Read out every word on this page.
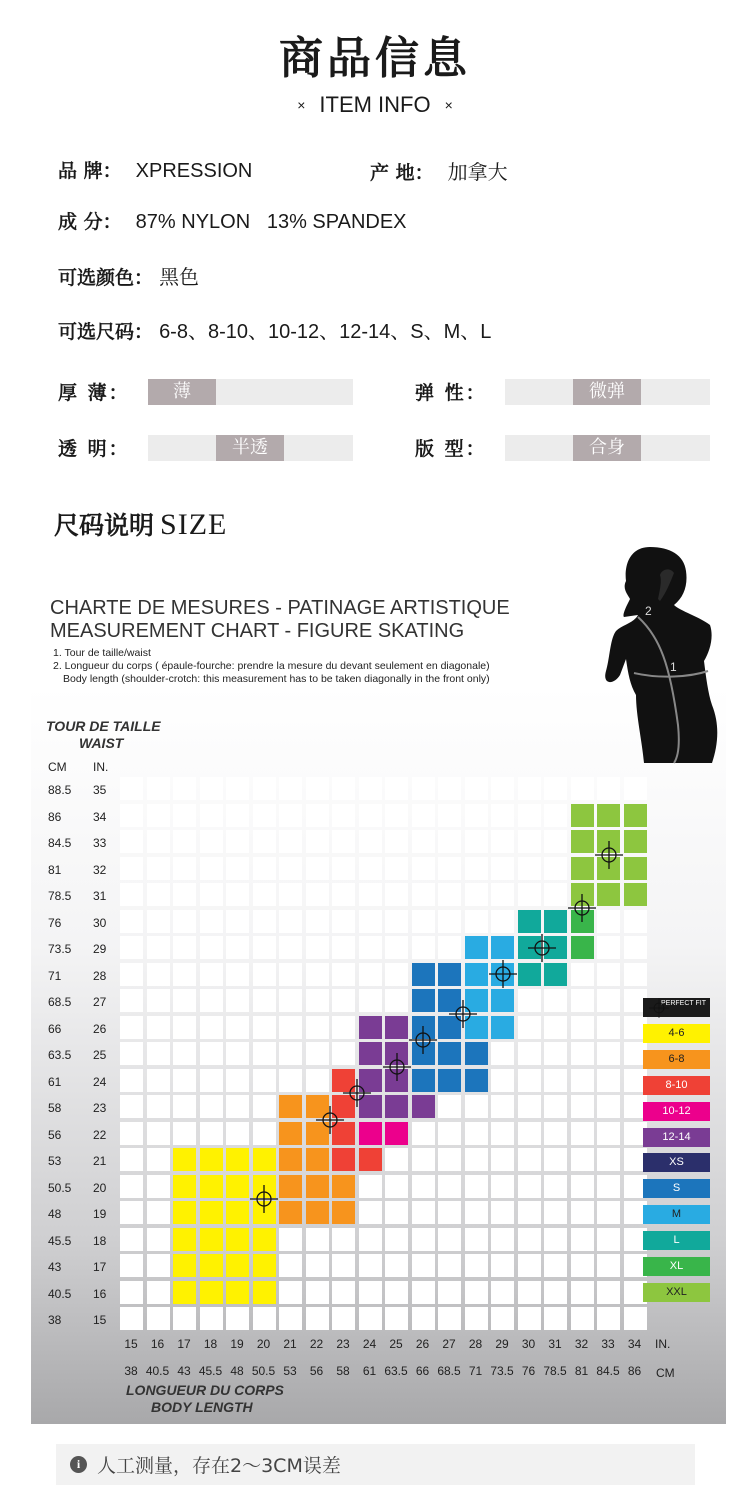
商品信息
× ITEM INFO ×
品 牌： XPRESSION	产 地： 加拿大
成 分： 87% NYLON   13% SPANDEX
可选颜色： 黑色
可选尺码： 6-8、8-10、10-12、12-14、S、M、L
厚 薄：	薄	弹 性：	微弹
透 明：	半透	版 型：	合身
尺码说明 SIZE
2
1
CHARTE DE MESURES - PATINAGE ARTISTIQUE
MEASUREMENT CHART - FIGURE SKATING
1. Tour de taille/waist
2. Longueur du corps ( épaule-fourche: prendre la mesure du devant seulement en diagonale)
Body length (shoulder-crotch: this measurement has to be taken diagonally in the front only)
TOUR DE TAILLE
WAIST
CM IN.
LONGUEUR DU CORPS
BODY LENGTH
IN.
CM
88.5 35
86	34
84.5 33
81	32
78.5 31
76	30
73.5 29
71	28
68.5 27
66	26
63.5 25
61	24
58	23
56	22
53	21
50.5 20
48	19
45.5 18
43	17
40.5 16
38	15
15
38
16
40.5
17
43
18
45.5
19
48
20
50.5
21
53
22
56
23
58
24
61
25
63.5
26
66
27
68.5
28
71
29
73.5
30
76
31
78.5
32
81
33
84.5
34
86
PERFECT FIT
4-6
6-8
8-10
10-12
12-14
XS
S
M
L
XL
XXL
i 人工测量，存在2～3CM误差
